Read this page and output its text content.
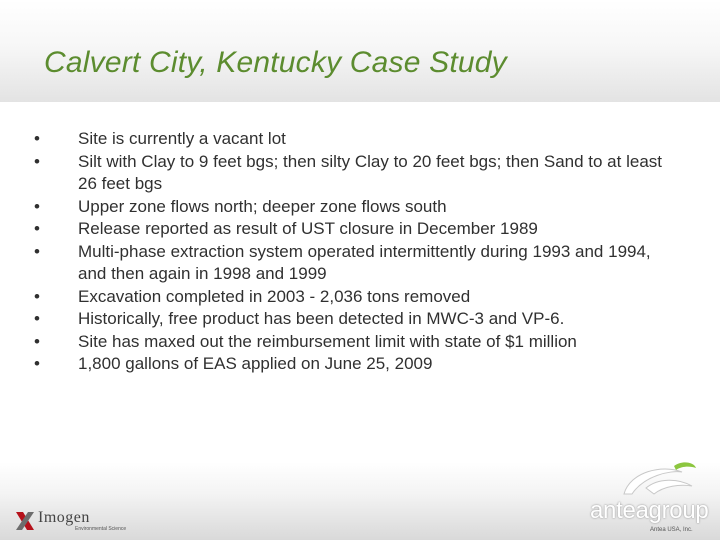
Calvert City, Kentucky Case Study
• Site is currently a vacant lot
• Silt with Clay to 9 feet bgs; then silty Clay to 20 feet bgs; then Sand to at least 26 feet bgs
• Upper zone flows north; deeper zone flows south
• Release reported as result of UST closure in December 1989
• Multi-phase extraction system operated intermittently during 1993 and 1994, and then again in 1998 and 1999
• Excavation completed in 2003 - 2,036 tons removed
• Historically, free product has been detected in MWC-3 and VP-6.
• Site has maxed out the reimbursement limit with state of $1 million
• 1,800 gallons of EAS applied on June 25, 2009
Imogen
Environmental Science
anteagroup
Antea USA, Inc.
